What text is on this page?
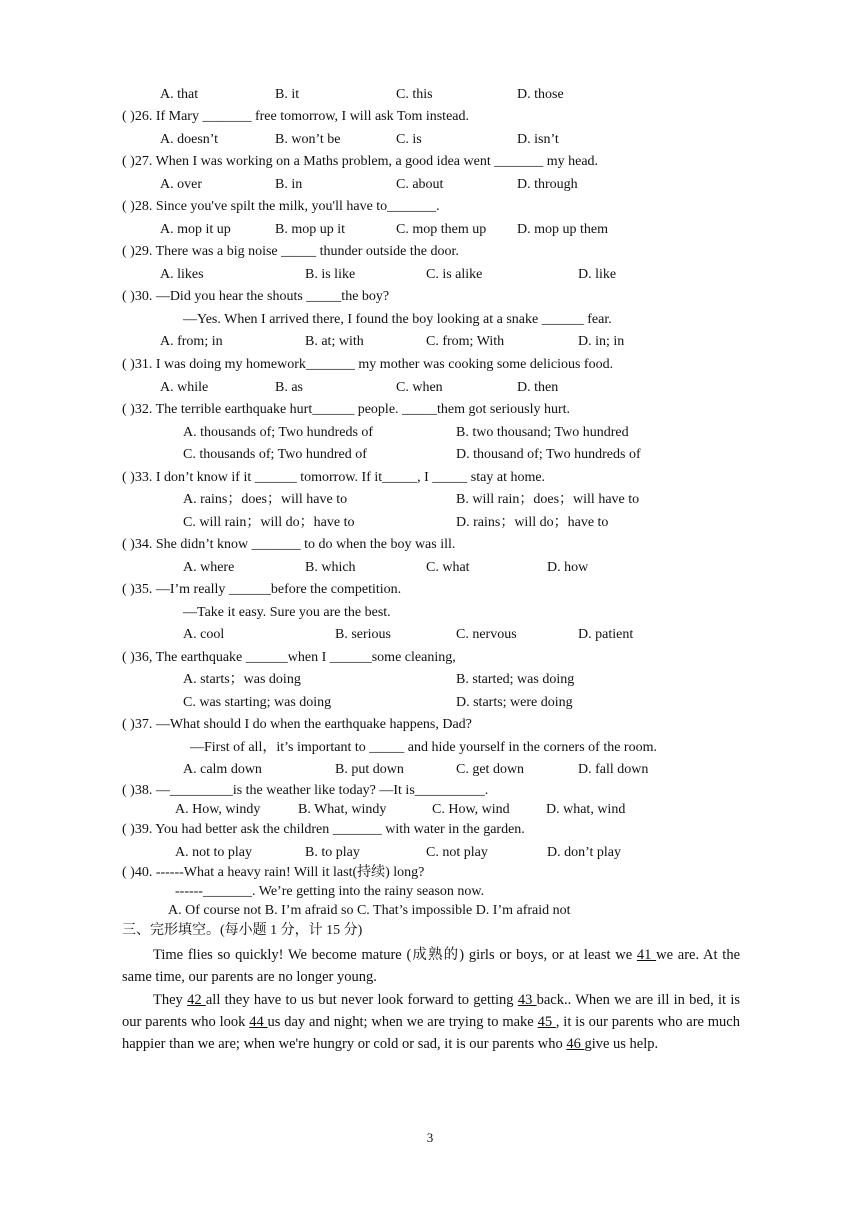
A. that	B. it	C. this	D. those
( )26. If Mary _______ free tomorrow, I will ask Tom instead.
A. doesn’t	B. won’t be	C. is	D. isn’t
( )27. When I was working on a Maths problem, a good idea went _______ my head.
A. over	B. in	C. about	D. through
( )28. Since you've spilt the milk, you'll have to_______.
A. mop it up	B. mop up it	C. mop them up D. mop up them
( )29. There was a big noise _____ thunder outside the door.
A. likes	B. is like	C. is alike	D. like
( )30. —Did you hear the shouts _____the boy?
—Yes. When I arrived there, I found the boy looking at a snake ______ fear.
A. from; in	B. at; with	C. from; With	D. in; in
( )31. I was doing my homework_______ my mother was cooking some delicious food.
A. while	B. as	C. when	D. then
( )32. The terrible earthquake hurt______ people. _____them got seriously hurt.
A. thousands of; Two hundreds of	B. two thousand; Two hundred
C. thousands of; Two hundred of	D. thousand of; Two hundreds of
( )33. I don’t know if it ______ tomorrow. If it_____, I _____ stay at home.
A. rains；does；will have to	B. will rain；does；will have to
C. will rain；will do；have to	D. rains；will do；have to
( )34. She didn’t know _______ to do when the boy was ill.
A. where	B. which	C. what	D. how
( )35. —I’m really ______before the competition.
—Take it easy. Sure you are the best.
A. cool	B. serious	C. nervous	D. patient
( )36, The earthquake ______when I ______some cleaning,
A. starts；was doing	B. started; was doing
C. was starting; was doing	D. starts; were doing
( )37. —What should I do when the earthquake happens, Dad?
—First of all，it’s important to _____ and hide yourself in the corners of the room.
A. calm down	B. put down	C. get down	D. fall down
( )38. —_________is the weather like today? —It is__________.
A. How, windy	B. What, windy	C. How, wind	D. what, wind
( )39. You had better ask the children _______ with water in the garden.
A. not to play	B. to play	C. not play	D. don’t play
( )40. ------What a heavy rain! Will it last(持续) long?
------_______. We’re getting into the rainy season now.
A. Of course not B. I’m afraid so C. That’s impossible D. I’m afraid not
三、完形填空。(每小题 1 分，计 15 分)
Time flies so quickly! We become mature (成熟的) girls or boys, or at least we 41 we are. At the same time, our parents are no longer young.
They 42 all they have to us but never look forward to getting 43 back.. When we are ill in bed, it is our parents who look 44 us day and night; when we are trying to make 45 , it is our parents who are much happier than we are; when we're hungry or cold or sad, it is our parents who 46 give us help.
3
